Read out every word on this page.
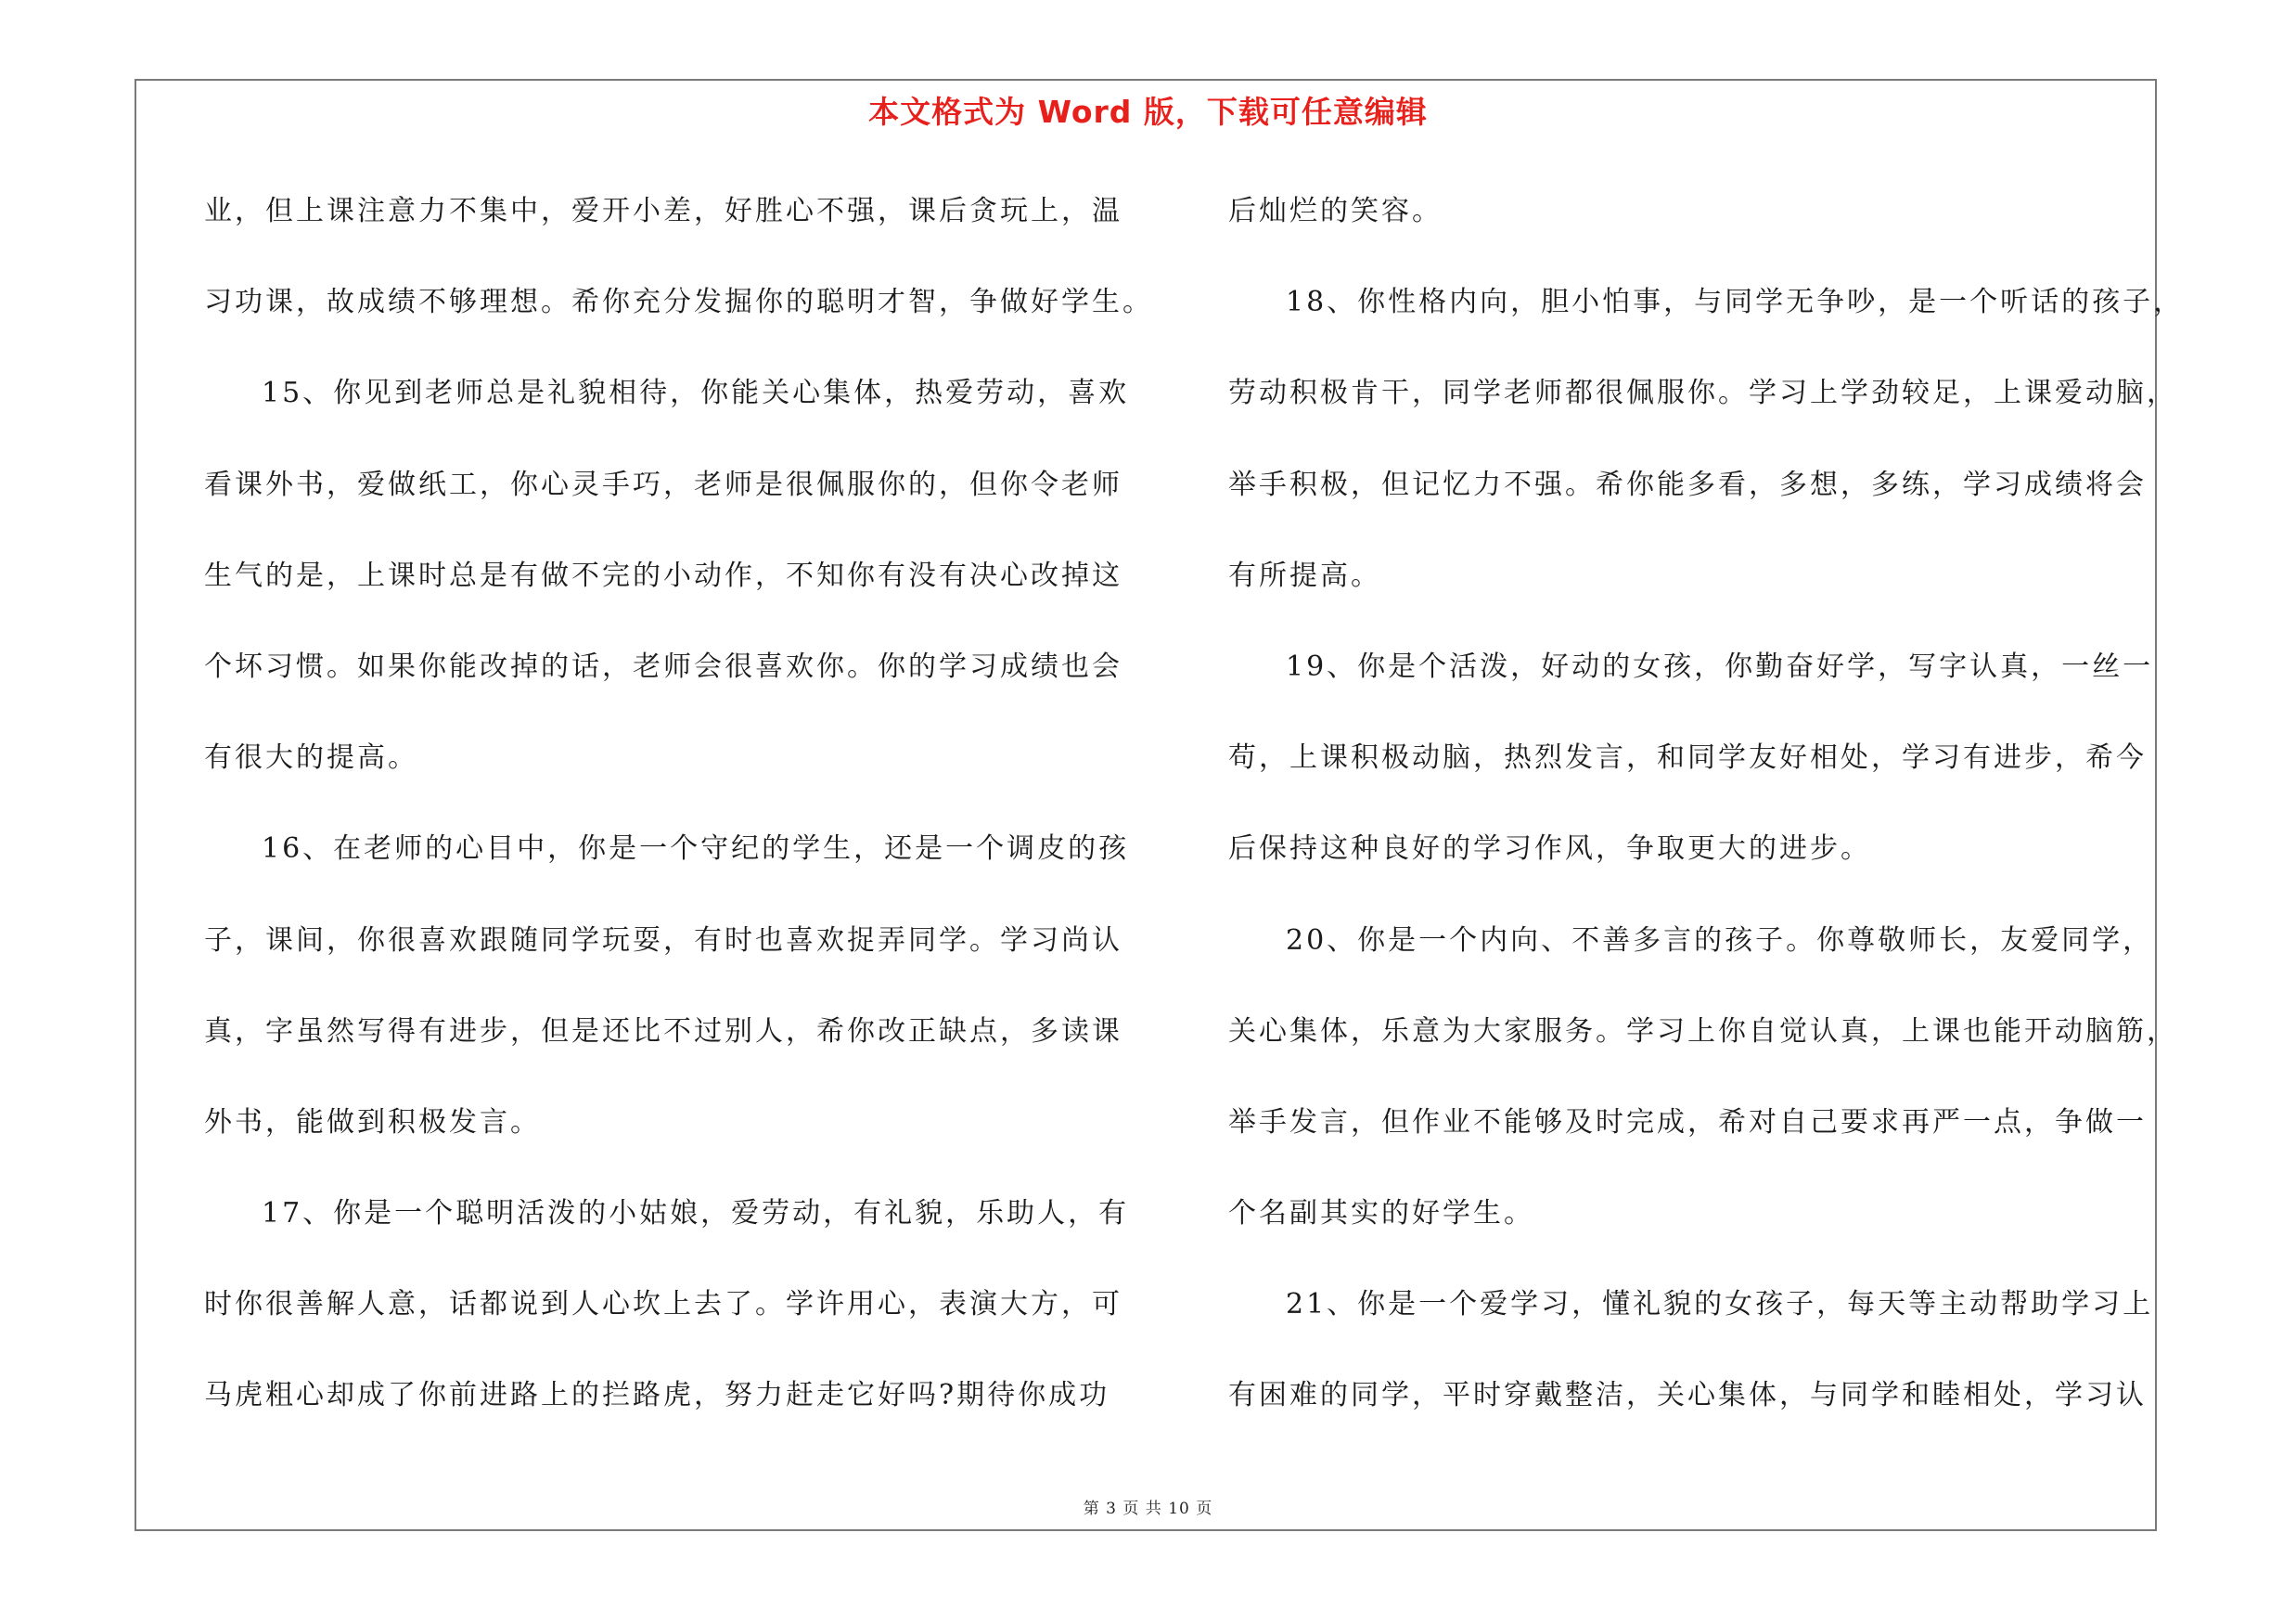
本文格式为 Word 版，下载可任意编辑
业，但上课注意力不集中，爱开小差，好胜心不强，课后贪玩上，温
习功课，故成绩不够理想。希你充分发掘你的聪明才智，争做好学生。
15、你见到老师总是礼貌相待，你能关心集体，热爱劳动，喜欢
看课外书，爱做纸工，你心灵手巧，老师是很佩服你的，但你令老师
生气的是，上课时总是有做不完的小动作，不知你有没有决心改掉这
个坏习惯。如果你能改掉的话，老师会很喜欢你。你的学习成绩也会
有很大的提高。
16、在老师的心目中，你是一个守纪的学生，还是一个调皮的孩
子，课间，你很喜欢跟随同学玩耍，有时也喜欢捉弄同学。学习尚认
真，字虽然写得有进步，但是还比不过别人，希你改正缺点，多读课
外书，能做到积极发言。
17、你是一个聪明活泼的小姑娘，爱劳动，有礼貌，乐助人，有
时你很善解人意，话都说到人心坎上去了。学许用心，表演大方，可
马虎粗心却成了你前进路上的拦路虎，努力赶走它好吗?期待你成功
后灿烂的笑容。
18、你性格内向，胆小怕事，与同学无争吵，是一个听话的孩子，
劳动积极肯干，同学老师都很佩服你。学习上学劲较足，上课爱动脑，
举手积极，但记忆力不强。希你能多看，多想，多练，学习成绩将会
有所提高。
19、你是个活泼，好动的女孩，你勤奋好学，写字认真，一丝一
苟，上课积极动脑，热烈发言，和同学友好相处，学习有进步，希今
后保持这种良好的学习作风，争取更大的进步。
20、你是一个内向、不善多言的孩子。你尊敬师长，友爱同学，
关心集体，乐意为大家服务。学习上你自觉认真，上课也能开动脑筋，
举手发言，但作业不能够及时完成，希对自己要求再严一点，争做一
个名副其实的好学生。
21、你是一个爱学习，懂礼貌的女孩子，每天等主动帮助学习上
有困难的同学，平时穿戴整洁，关心集体，与同学和睦相处，学习认
第 3 页 共 10 页
